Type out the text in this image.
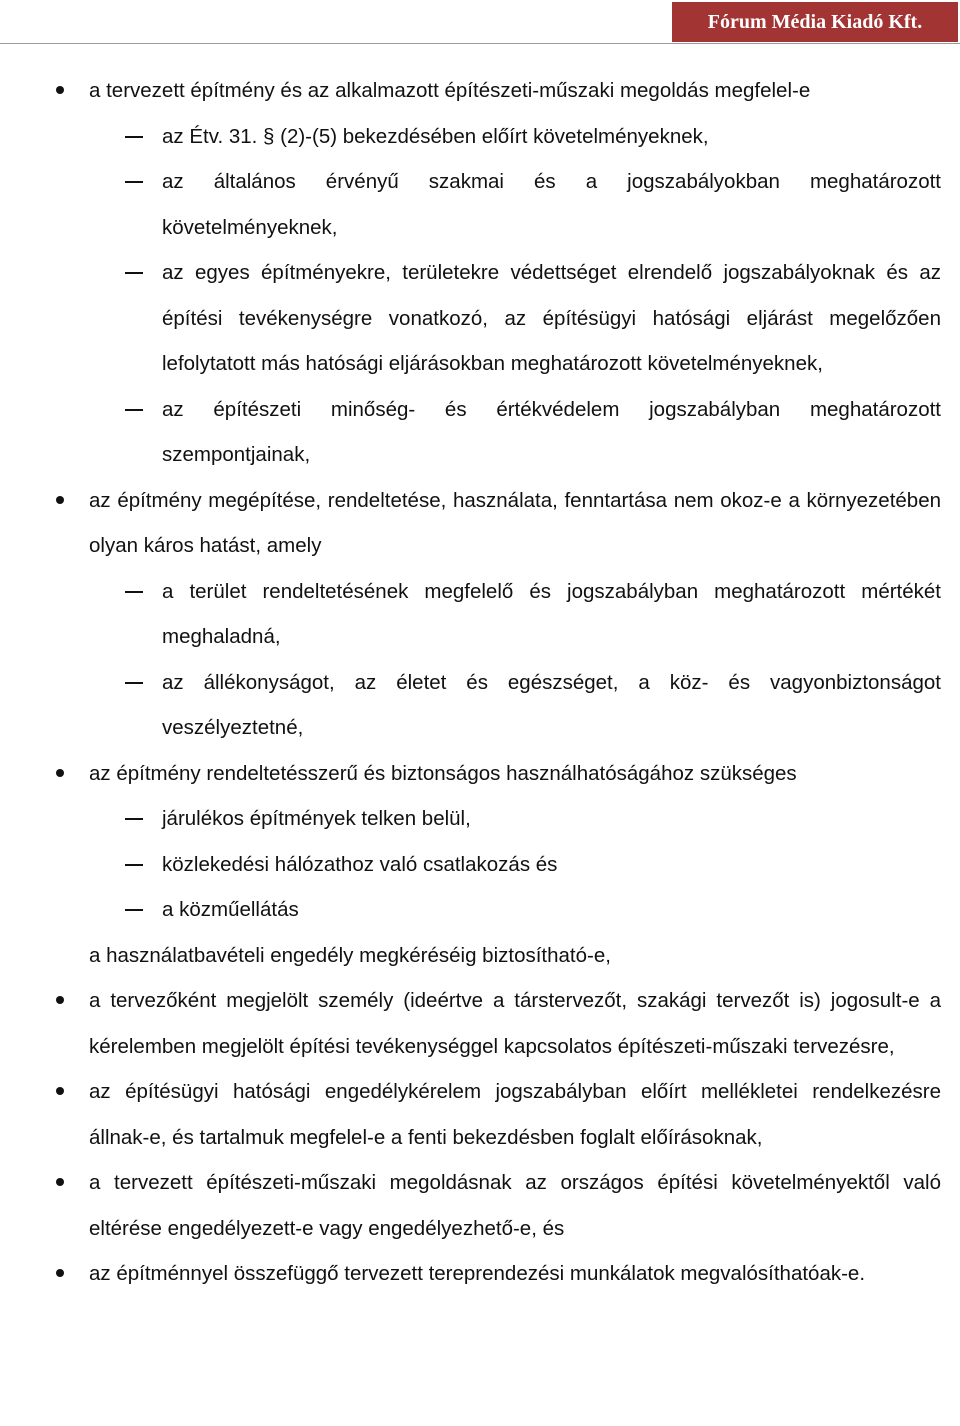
Fórum Média Kiadó Kft.
a tervezett építmény és az alkalmazott építészeti-műszaki megoldás megfelel-e
az Étv. 31. § (2)-(5) bekezdésében előírt követelményeknek,
az általános érvényű szakmai és a jogszabályokban meghatározott követelményeknek,
az egyes építményekre, területekre védettséget elrendelő jogszabályoknak és az építési tevékenységre vonatkozó, az építésügyi hatósági eljárást megelőzően lefolytatott más hatósági eljárásokban meghatározott követelményeknek,
az építészeti minőség- és értékvédelem jogszabályban meghatározott szempontjainak,
az építmény megépítése, rendeltetése, használata, fenntartása nem okoz-e a környezetében olyan káros hatást, amely
a terület rendeltetésének megfelelő és jogszabályban meghatározott mértékét meghaladná,
az állékonyságot, az életet és egészséget, a köz- és vagyonbiztonságot veszélyeztetné,
az építmény rendeltetésszerű és biztonságos használhatóságához szükséges
járulékos építmények telken belül,
közlekedési hálózathoz való csatlakozás és
a közműellátás
a használatbavételi engedély megkéréséig biztosítható-e,
a tervezőként megjelölt személy (ideértve a társtervezőt, szakági tervezőt is) jogosult-e a kérelemben megjelölt építési tevékenységgel kapcsolatos építészeti-műszaki tervezésre,
az építésügyi hatósági engedélykérelem jogszabályban előírt mellékletei rendelkezésre állnak-e, és tartalmuk megfelel-e a fenti bekezdésben foglalt előírásoknak,
a tervezett építészeti-műszaki megoldásnak az országos építési követelményektől való eltérése engedélyezett-e vagy engedélyezhető-e, és
az építménnyel összefüggő tervezett tereprendezési munkálatok megvalósíthatóak-e.
